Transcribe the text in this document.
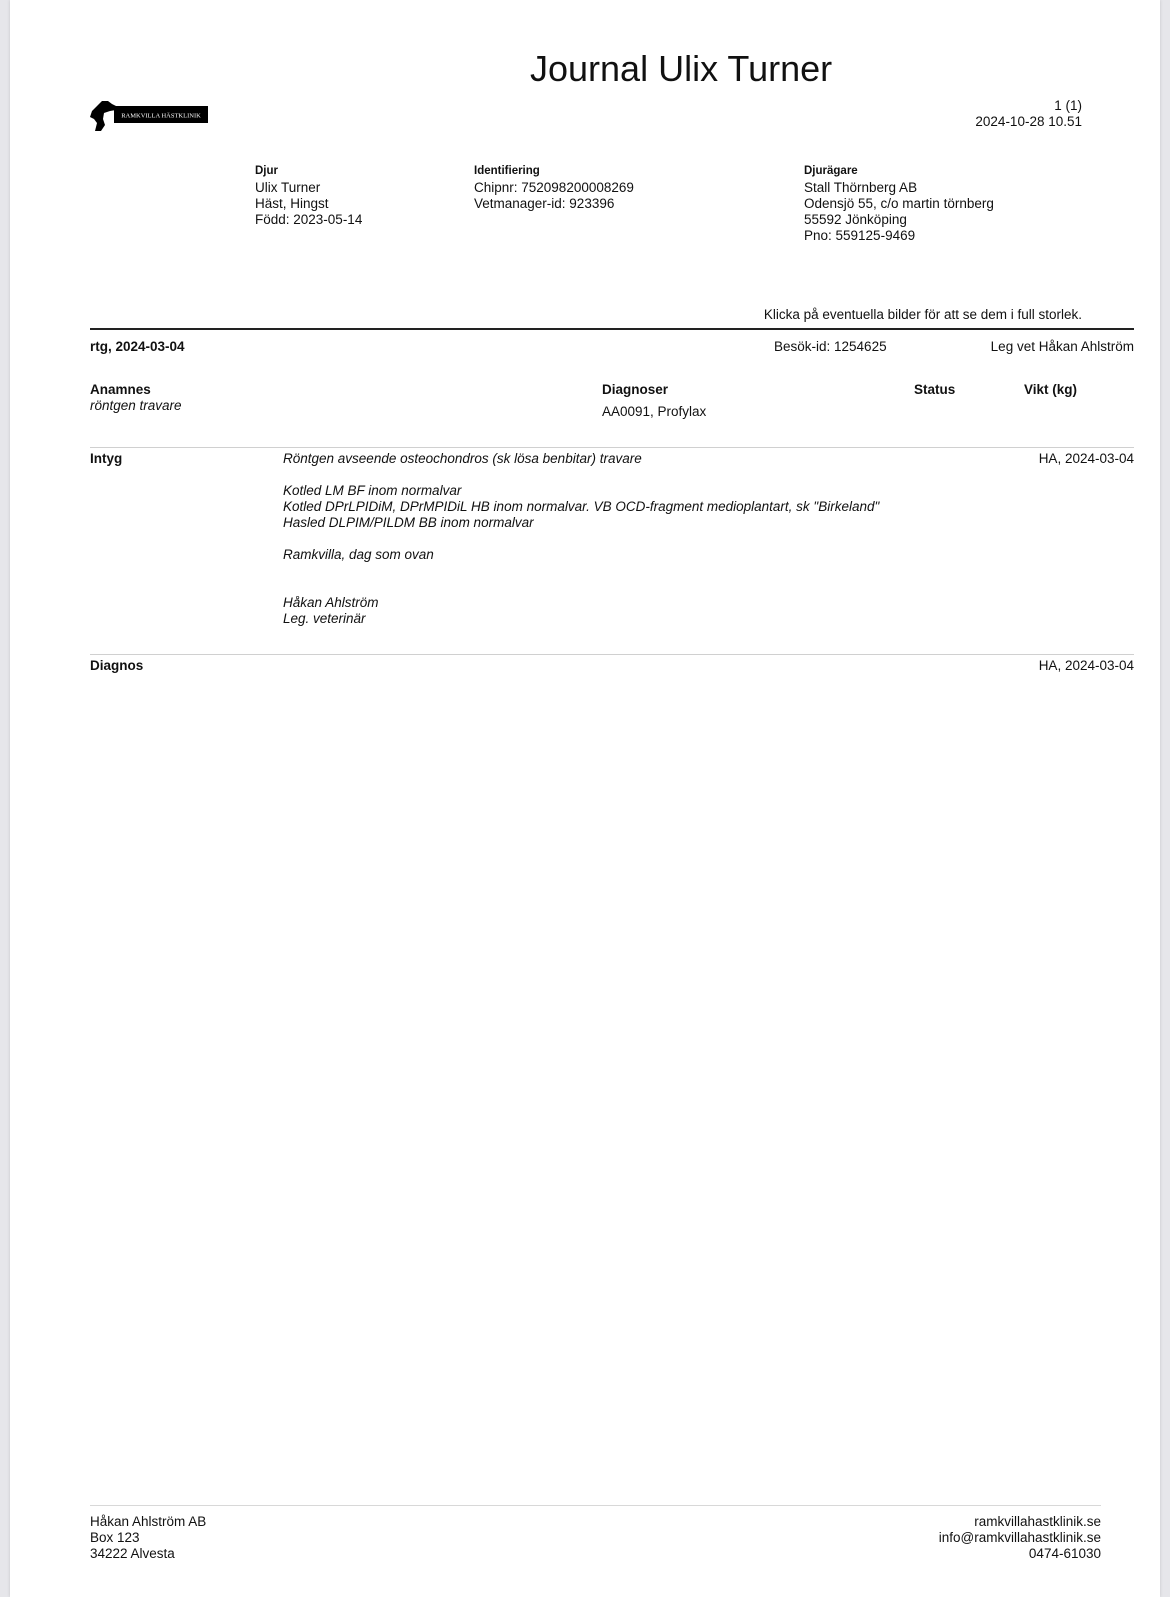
Journal Ulix Turner
RAMKVILLA HÄSTKLINIK
1 (1)
2024-10-28 10.51
Djur
Ulix Turner
Häst, Hingst
Född: 2023-05-14
Identifiering
Chipnr: 752098200008269
Vetmanager-id: 923396
Djurägare
Stall Thörnberg AB
Odensjö 55, c/o martin törnberg
55592 Jönköping
Pno: 559125-9469
Klicka på eventuella bilder för att se dem i full storlek.
rtg, 2024-03-04	Besök-id: 1254625	Leg vet Håkan Ahlström
Anamnes
röntgen travare
Diagnoser
AA0091, Profylax
Status	Vikt (kg)
Intyg	HA, 2024-03-04

Röntgen avseende osteochondros (sk lösa benbitar) travare

Kotled LM BF inom normalvar

Kotled DPrLPIDiM, DPrMPIDiL HB inom normalvar. VB OCD-fragment medioplantart, sk "Birkeland"

Hasled DLPIM/PILDM BB inom normalvar

Ramkvilla, dag som ovan

Håkan Ahlström

Leg. veterinär

Diagnos	HA, 2024-03-04
Håkan Ahlström AB
Box 123
34222 Alvesta
ramkvillahastklinik.se
info@ramkvillahastklinik.se
0474-61030
